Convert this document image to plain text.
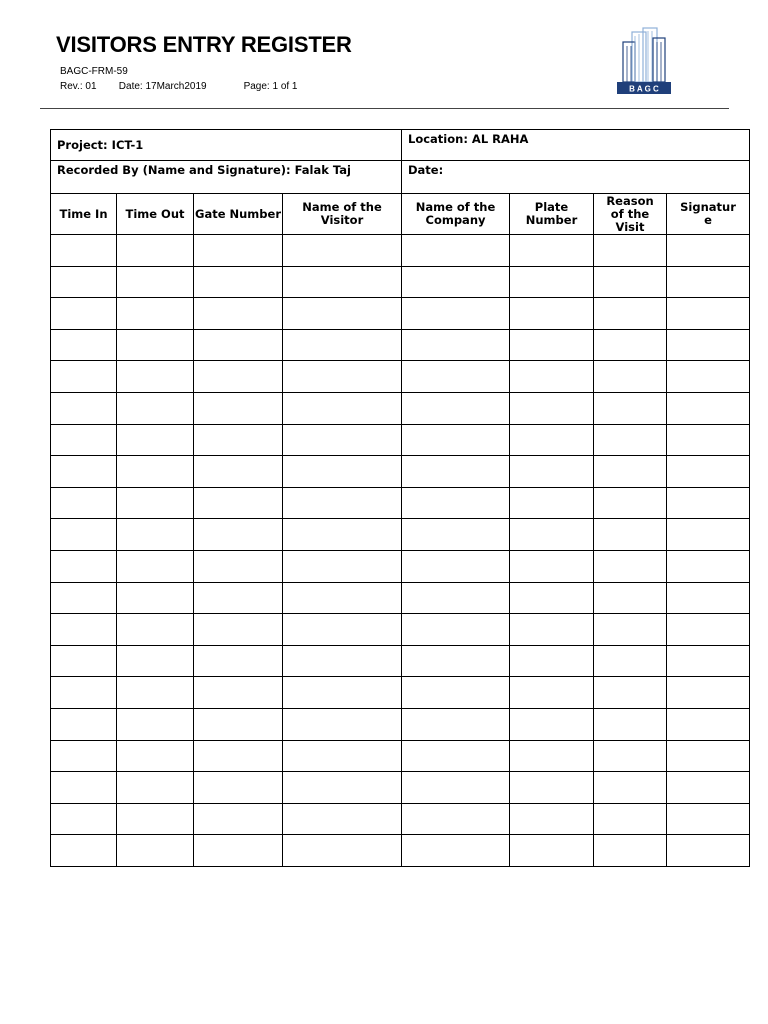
VISITORS ENTRY REGISTER
BAGC-FRM-59
Rev.: 01 Date: 17March2019	Page: 1 of 1	B A G C
Project: ICT-1	Location: AL RAHA
Recorded By (Name and Signature): Falak Taj	Date:
Time In	Time Out	Gate Number	Name of the Visitor	Name of the Company	Plate Number	Reason of the Visit	Signature
